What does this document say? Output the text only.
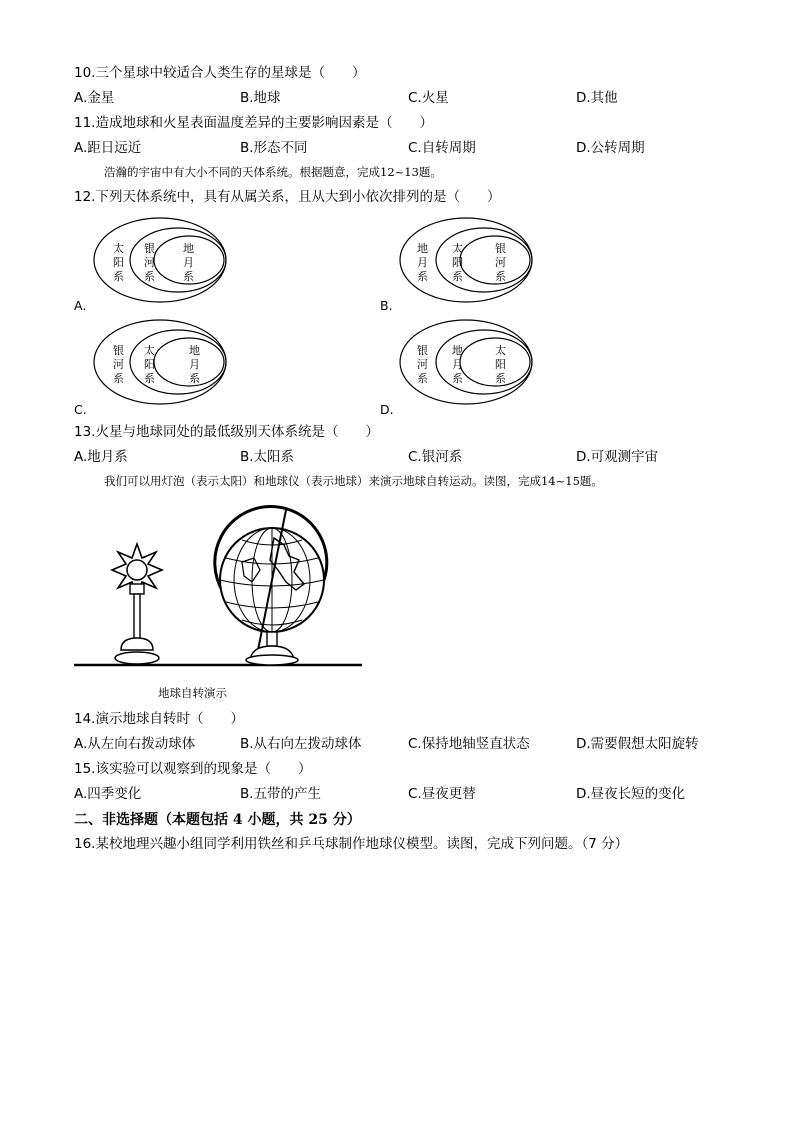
10.三个星球中较适合人类生存的星球是（　　）
A.金星	B.地球	C.火星	D.其他
11.造成地球和火星表面温度差异的主要影响因素是（　　）
A.距日远近	B.形态不同	C.自转周期	D.公转周期
浩瀚的宇宙中有大小不同的天体系统。根据题意，完成12~13题。
12.下列天体系统中，具有从属关系，且从大到小依次排列的是（　　）
太阳系
银河系
地月系
A.
地月系
太阳系
银河系
B.
银河系
太阳系
地月系
C.
银河系
地月系
太阳系
D.
13.火星与地球同处的最低级别天体系统是（　　）
A.地月系	B.太阳系	C.银河系	D.可观测宇宙
我们可以用灯泡（表示太阳）和地球仪（表示地球）来演示地球自转运动。读图，完成14~15题。
地球自转演示
14.演示地球自转时（　　）
A.从左向右拨动球体	B.从右向左拨动球体	C.保持地轴竖直状态	D.需要假想太阳旋转
15.该实验可以观察到的现象是（　　）
A.四季变化	B.五带的产生	C.昼夜更替	D.昼夜长短的变化
二、非选择题（本题包括 4 小题，共 25 分）
16.某校地理兴趣小组同学利用铁丝和乒乓球制作地球仪模型。读图，完成下列问题。（7 分）
